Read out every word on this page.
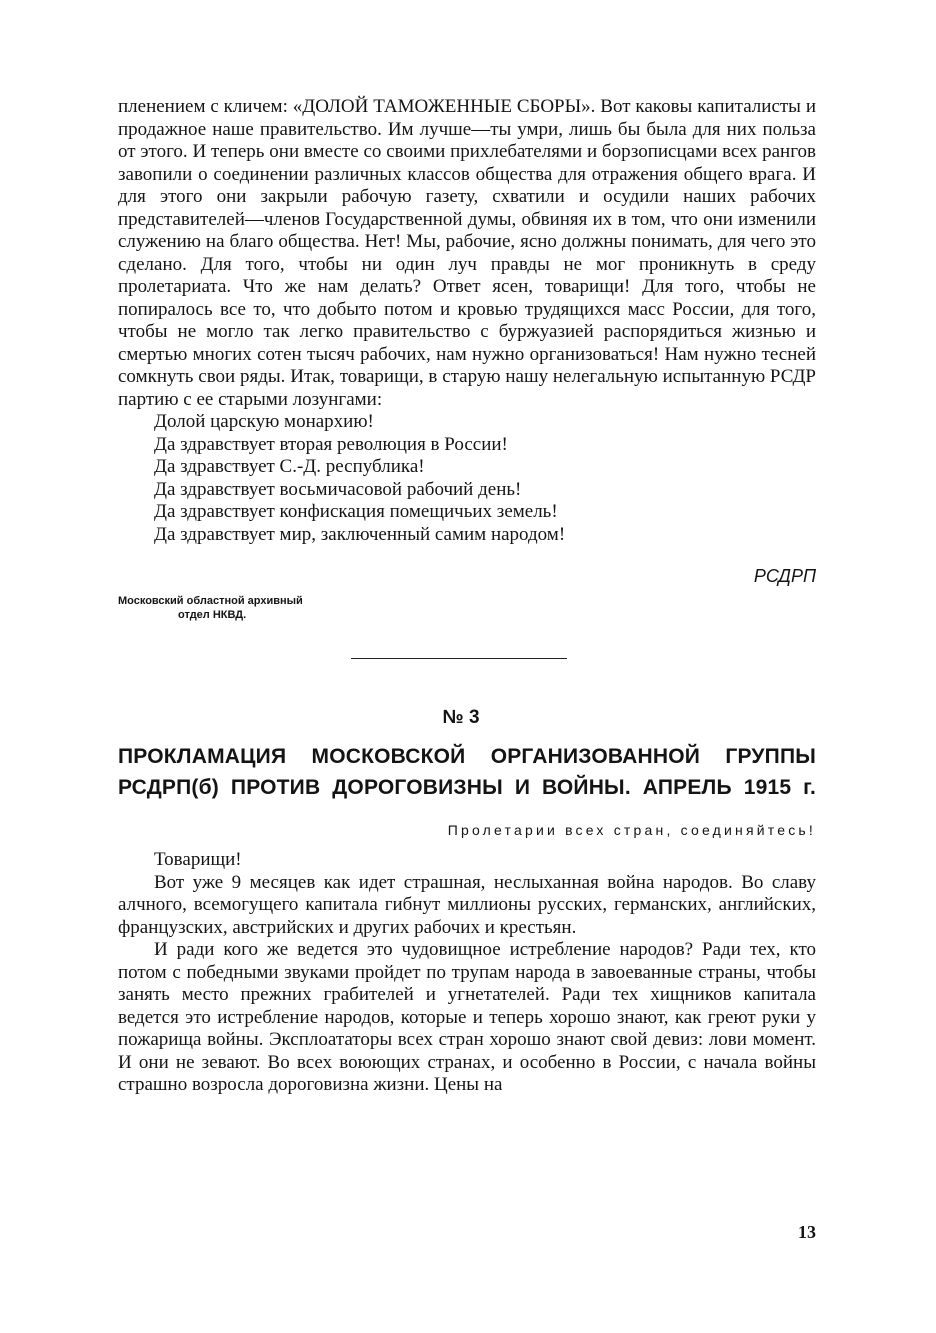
пленением с кличем: «ДОЛОЙ ТАМОЖЕННЫЕ СБОРЫ». Вот каковы капиталисты и продажное наше правительство. Им лучше—ты умри, лишь бы была для них польза от этого. И теперь они вместе со своими прихлебателями и борзописцами всех рангов завопили о соединении различных классов общества для отражения общего врага. И для этого они закрыли рабочую газету, схватили и осудили наших рабочих представителей—членов Государственной думы, обвиняя их в том, что они изменили служению на благо общества. Нет! Мы, рабочие, ясно должны понимать, для чего это сделано. Для того, чтобы ни один луч правды не мог проникнуть в среду пролетариата. Что же нам делать? Ответ ясен, товарищи! Для того, чтобы не попиралось все то, что добыто потом и кровью трудящихся масс России, для того, чтобы не могло так легко правительство с буржуазией распорядиться жизнью и смертью многих сотен тысяч рабочих, нам нужно организоваться! Нам нужно тесней сомкнуть свои ряды. Итак, товарищи, в старую нашу нелегальную испытанную РСДР партию с ее старыми лозунгами:

Долой царскую монархию!
Да здравствует вторая революция в России!
Да здравствует С.-Д. республика!
Да здравствует восьмичасовой рабочий день!
Да здравствует конфискация помещичьих земель!
Да здравствует мир, заключенный самим народом!
РСДРП
Московский областной архивный
отдел НКВД.
№ 3
ПРОКЛАМАЦИЯ МОСКОВСКОЙ ОРГАНИЗОВАННОЙ ГРУППЫ
РСДРП(б) ПРОТИВ ДОРОГОВИЗНЫ И ВОЙНЫ. АПРЕЛЬ 1915 г.
Пролетарии всех стран, соединяйтесь!
Товарищи!

Вот уже 9 месяцев как идет страшная, неслыханная война народов. Во славу алчного, всемогущего капитала гибнут миллионы русских, германских, английских, французских, австрийских и других рабочих и крестьян.

И ради кого же ведется это чудовищное истребление народов? Ради тех, кто потом с победными звуками пройдет по трупам народа в завоеванные страны, чтобы занять место прежних грабителей и угнетателей. Ради тех хищников капитала ведется это истребление народов, которые и теперь хорошо знают, как греют руки у пожарища войны. Эксплоататоры всех стран хорошо знают свой девиз: лови момент. И они не зевают. Во всех воюющих странах, и особенно в России, с начала войны страшно возросла дороговизна жизни. Цены на

13
